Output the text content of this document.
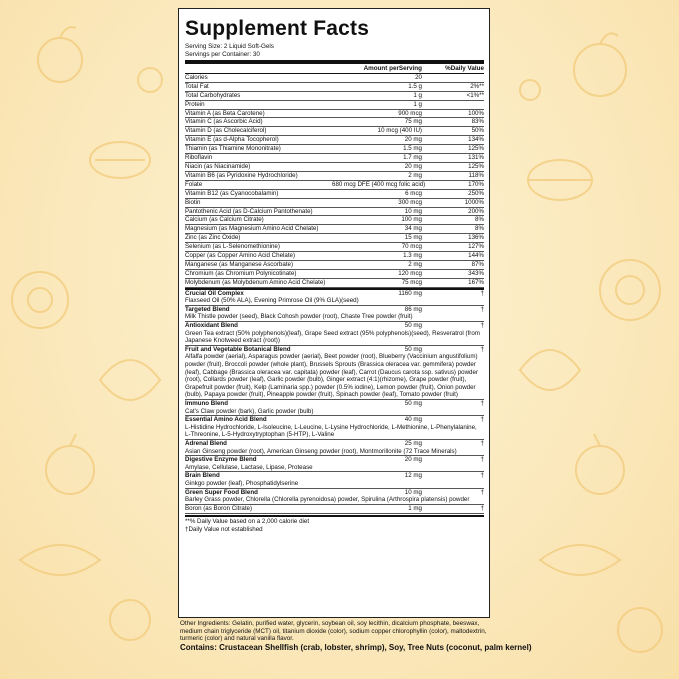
Supplement Facts
Serving Size: 2 Liquid Soft-Gels
Servings per Container: 30
Amount perServing	%Daily Value
Calories	20
Total Fat	1.5 g	2%**
Total Carbohydrates	1 g	<1%**
Protein	1 g
Vitamin A (as Beta Carotene)	900 mcg	100%
Vitamin C (as Ascorbic Acid)	75 mg	83%
Vitamin D (as Cholecalciferol)	10 mcg (400 IU)	50%
Vitamin E (as d-Alpha Tocopherol)	20 mg	134%
Thiamin (as Thiamine Mononitrate)	1.5 mg	125%
Riboflavin	1.7 mg	131%
Niacin (as Niacinamide)	20 mg	125%
Vitamin B6 (as Pyridoxine Hydrochloride)	2 mg	118%
Folate	680 mcg DFE (400 mcg folic acid)	170%
Vitamin B12 (as Cyanocobalamin)	6 mcg	250%
Biotin	300 mcg	1000%
Pantothenic Acid (as D-Calcium Pantothenate)	10 mg	200%
Calcium (as Calcium Citrate)	100 mg	8%
Magnesium (as Magnesium Amino Acid Chelate)	34 mg	8%
Zinc (as Zinc Oxide)	15 mg	136%
Selenium (as L-Selenomethionine)	70 mcg	127%
Copper (as Copper Amino Acid Chelate)	1.3 mg	144%
Manganese (as Manganese Ascorbate)	2 mg	87%
Chromium (as Chromium Polynicotinate)	120 mcg	343%
Molybdenum (as Molybdenum Amino Acid Chelate)	75 mcg	167%
Crucial Oil Complex	1160 mg	†
Flaxseed Oil (50% ALA), Evening Primrose Oil (9% GLA)(seed)
Targeted Blend	86 mg	†
Milk Thistle powder (seed), Black Cohosh powder (root), Chaste Tree powder (fruit)
Antioxidant Blend	50 mg	†
Green Tea extract (50% polyphenols)(leaf), Grape Seed extract (95% polyphenols)(seed), Resveratrol (from Japanese Knotweed extract (root))
Fruit and Vegetable Botanical Blend	50 mg	†
Alfalfa powder (aerial), Asparagus powder (aerial), Beet powder (root), Blueberry (Vaccinium angustifolium) powder (fruit), Broccoli powder (whole plant), Brussels Sprouts (Brassica oleracea var. gemmifera) powder (leaf), Cabbage (Brassica oleracea var. capitata) powder (leaf), Carrot (Daucus carota ssp. sativus) powder (root), Collards powder (leaf), Garlic powder (bulb), Ginger extract (4:1)(rhizome), Grape powder (fruit), Grapefruit powder (fruit), Kelp (Laminaria spp.) powder (0.5% iodine), Lemon powder (fruit), Onion powder (bulb), Papaya powder (fruit), Pineapple powder (fruit), Spinach powder (leaf), Tomato powder (fruit)
Immuno Blend	50 mg	†
Cat's Claw powder (bark), Garlic powder (bulb)
Essential Amino Acid Blend	40 mg	†
L-Histidine Hydrochloride, L-Isoleucine, L-Leucine, L-Lysine Hydrochloride, L-Methionine, L-Phenylalanine, L-Threonine, L-5-Hydroxytryptophan (5-HTP), L-Valine
Adrenal Blend	25 mg	†
Asian Ginseng powder (root), American Ginseng powder (root), Montmorillonite (72 Trace Minerals)
Digestive Enzyme Blend	20 mg	†
Amylase, Cellulase, Lactase, Lipase, Protease
Brain Blend	12 mg	†
Ginkgo powder (leaf), Phosphatidylserine
Green Super Food Blend	10 mg	†
Barley Grass powder, Chlorella (Chlorella pyrenoidosa) powder, Spirulina (Arthrospira platensis) powder
Boron (as Boron Citrate)	1 mg	†
**% Daily Value based on a 2,000 calorie diet
†Daily Value not established
Other Ingredients: Gelatin, purified water, glycerin, soybean oil, soy lecithin, dicalcium phosphate, beeswax, medium chain triglyceride (MCT) oil, titanium dioxide (color), sodium copper chlorophyllin (color), maltodextrin, turmeric (color) and natural vanilla flavor.
Contains: Crustacean Shellfish (crab, lobster, shrimp), Soy, Tree Nuts (coconut, palm kernel)
